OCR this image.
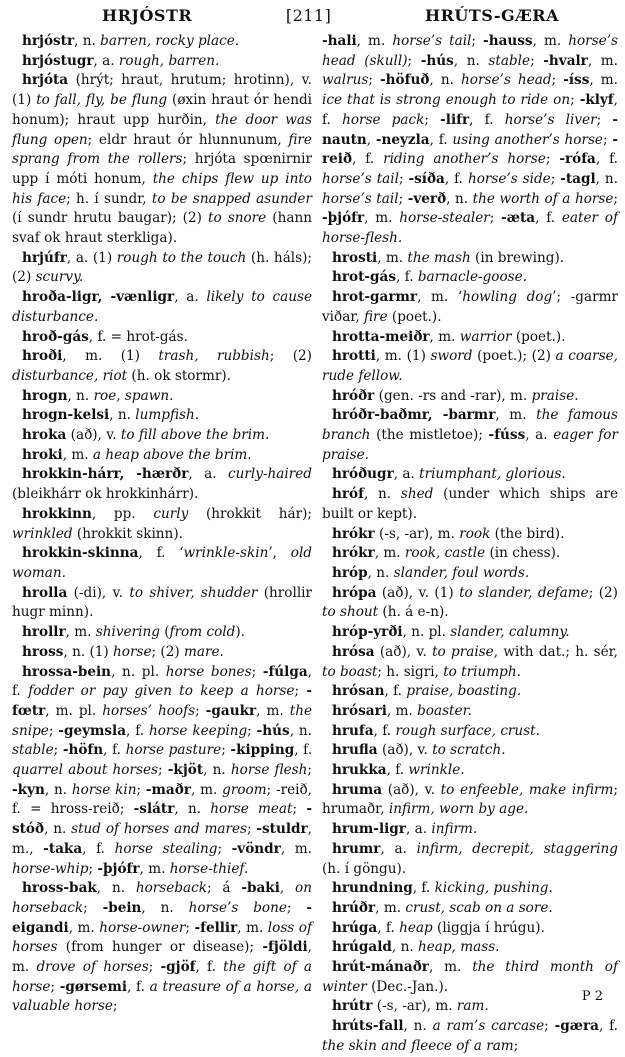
HRJÓSTR	[211]	HRÚTS-GÆRA

hrjóstr, n. barren, rocky place.

hrjóstugr, a. rough, barren.

hrjóta (hrýt; hraut, hrutum; hrotinn), v. (1) to fall, fly, be flung (øxin hraut ór hendi honum); hraut upp hurðin, the door was flung open; eldr hraut ór hlunnunum, fire sprang from the rollers; hrjóta spœnirnir upp í móti honum, the chips flew up into his face; h. í sundr, to be snapped asunder (í sundr hrutu baugar); (2) to snore (hann svaf ok hraut sterkliga).

hrjúfr, a. (1) rough to the touch (h. háls); (2) scurvy.

hroða-ligr, -vænligr, a. likely to cause disturbance.

hroð-gás, f. = hrot-gás.

hroði, m. (1) trash, rubbish; (2) disturbance, riot (h. ok stormr).

hrogn, n. roe, spawn.

hrogn-kelsi, n. lumpfish.

hroka (að), v. to fill above the brim.

hroki, m. a heap above the brim.

hrokkin-hárr, -hærðr, a. curly-haired (bleikhárr ok hrokkinhárr).

hrokkinn, pp. curly (hrokkit hár); wrinkled (hrokkit skinn).

hrokkin-skinna, f. ‘wrinkle-skin’, old woman.

hrolla (-di), v. to shiver, shudder (hrollir hugr minn).

hrollr, m. shivering (from cold).

hross, n. (1) horse; (2) mare.

hrossa-bein, n. pl. horse bones; -fúlga, f. fodder or pay given to keep a horse; -fœtr, m. pl. horses’ hoofs; -gaukr, m. the snipe; -geymsla, f. horse keeping; -hús, n. stable; -höfn, f. horse pasture; -kipping, f. quarrel about horses; -kjöt, n. horse flesh; -kyn, n. horse kin; -maðr, m. groom; -reið, f. = hross-reið; -slátr, n. horse meat; -stóð, n. stud of horses and mares; -stuldr, m., -taka, f. horse stealing; -vöndr, m. horse-whip; -þjófr, m. horse-thief.

hross-bak, n. horseback; á -baki, on horseback; -bein, n. horse’s bone; -eigandi, m. horse-owner; -fellir, m. loss of horses (from hunger or disease); -fjöldi, m. drove of horses; -gjöf, f. the gift of a horse; -gørsemi, f. a treasure of a horse, a valuable horse;

-hali, m. horse’s tail; -hauss, m. horse’s head (skull); -hús, n. stable; -hvalr, m. walrus; -höfuð, n. horse’s head; -íss, m. ice that is strong enough to ride on; -klyf, f. horse pack; -lifr, f. horse’s liver; -nautn, -neyzla, f. using another’s horse; -reið, f. riding another’s horse; -rófa, f. horse’s tail; -síða, f. horse’s side; -tagl, n. horse’s tail; -verð, n. the worth of a horse; -þjófr, m. horse-stealer; -æta, f. eater of horse-flesh.

hrosti, m. the mash (in brewing).

hrot-gás, f. barnacle-goose.

hrot-garmr, m. ‘howling dog’; -garmr viðar, fire (poet.).

hrotta-meiðr, m. warrior (poet.).

hrotti, m. (1) sword (poet.); (2) a coarse, rude fellow.

hróðr (gen. -rs and -rar), m. praise.

hróðr-baðmr, -barmr, m. the famous branch (the mistletoe); -fúss, a. eager for praise.

hróðugr, a. triumphant, glorious.

hróf, n. shed (under which ships are built or kept).

hrókr (-s, -ar), m. rook (the bird).

hrókr, m. rook, castle (in chess).

hróp, n. slander, foul words.

hrópa (að), v. (1) to slander, defame; (2) to shout (h. á e-n).

hróp-yrði, n. pl. slander, calumny.

hrósa (að), v. to praise, with dat.; h. sér, to boast; h. sigri, to triumph.

hrósan, f. praise, boasting.

hrósari, m. boaster.

hrufa, f. rough surface, crust.

hrufla (að), v. to scratch.

hrukka, f. wrinkle.

hruma (að), v. to enfeeble, make infirm; hrumaðr, infirm, worn by age.

hrum-ligr, a. infirm.

hrumr, a. infirm, decrepit, staggering (h. í göngu).

hrundning, f. kicking, pushing.

hrúðr, m. crust, scab on a sore.

hrúga, f. heap (liggja í hrúgu).

hrúgald, n. heap, mass.

hrút-mánaðr, m. the third month of winter (Dec.-Jan.).

hrútr (-s, -ar), m. ram.

hrúts-fall, n. a ram’s carcase; -gæra, f. the skin and fleece of a ram;

P 2
